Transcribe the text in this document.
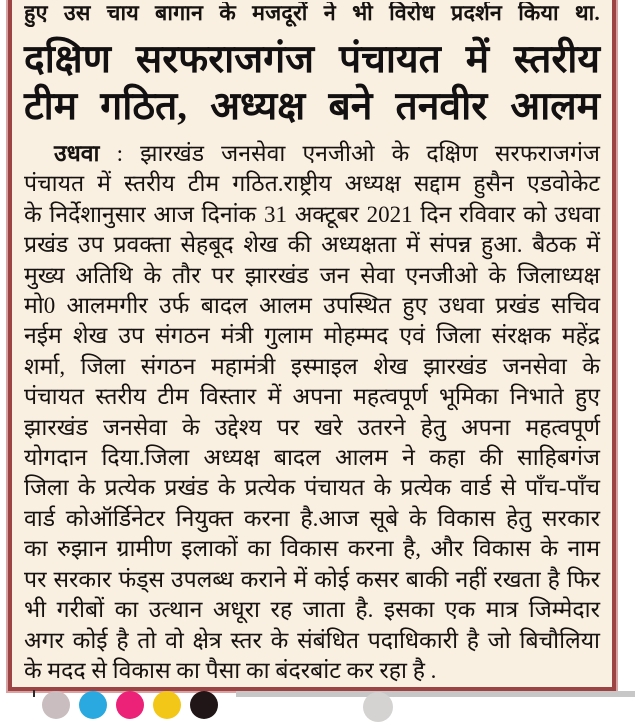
हुए उस चाय बागान के मजदूरों ने भी विरोध प्रदर्शन किया था.
दक्षिण सरफराजगंज पंचायत में स्तरीय
टीम गठित, अध्यक्ष बने तनवीर आलम
उधवा : झारखंड जनसेवा एनजीओ के दक्षिण सरफराजगंज
पंचायत में स्तरीय टीम गठित.राष्ट्रीय अध्यक्ष सद्दाम हुसैन एडवोकेट
के निर्देशानुसार आज दिनांक 31 अक्टूबर 2021 दिन रविवार को उधवा
प्रखंड उप प्रवक्ता सेहबूद शेख की अध्यक्षता में संपन्न हुआ. बैठक में
मुख्य अतिथि के तौर पर झारखंड जन सेवा एनजीओ के जिलाध्यक्ष
मो0 आलमगीर उर्फ बादल आलम उपस्थित हुए उधवा प्रखंड सचिव
नईम शेख उप संगठन मंत्री गुलाम मोहम्मद एवं जिला संरक्षक महेंद्र
शर्मा, जिला संगठन महामंत्री इस्माइल शेख झारखंड जनसेवा के
पंचायत स्तरीय टीम विस्तार में अपना महत्वपूर्ण भूमिका निभाते हुए
झारखंड जनसेवा के उद्देश्य पर खरे उतरने हेतु अपना महत्वपूर्ण
योगदान दिया.जिला अध्यक्ष बादल आलम ने कहा की साहिबगंज
जिला के प्रत्येक प्रखंड के प्रत्येक पंचायत के प्रत्येक वार्ड से पाँच-पाँच
वार्ड कोऑर्डिनेटर नियुक्त करना है.आज सूबे के विकास हेतु सरकार
का रुझान ग्रामीण इलाकों का विकास करना है, और विकास के नाम
पर सरकार फंड्स उपलब्ध कराने में कोई कसर बाकी नहीं रखता है फिर
भी गरीबों का उत्थान अधूरा रह जाता है. इसका एक मात्र जिम्मेदार
अगर कोई है तो वो क्षेत्र स्तर के संबंधित पदाधिकारी है जो बिचौलिया
के मदद से विकास का पैसा का बंदरबांट कर रहा है .
